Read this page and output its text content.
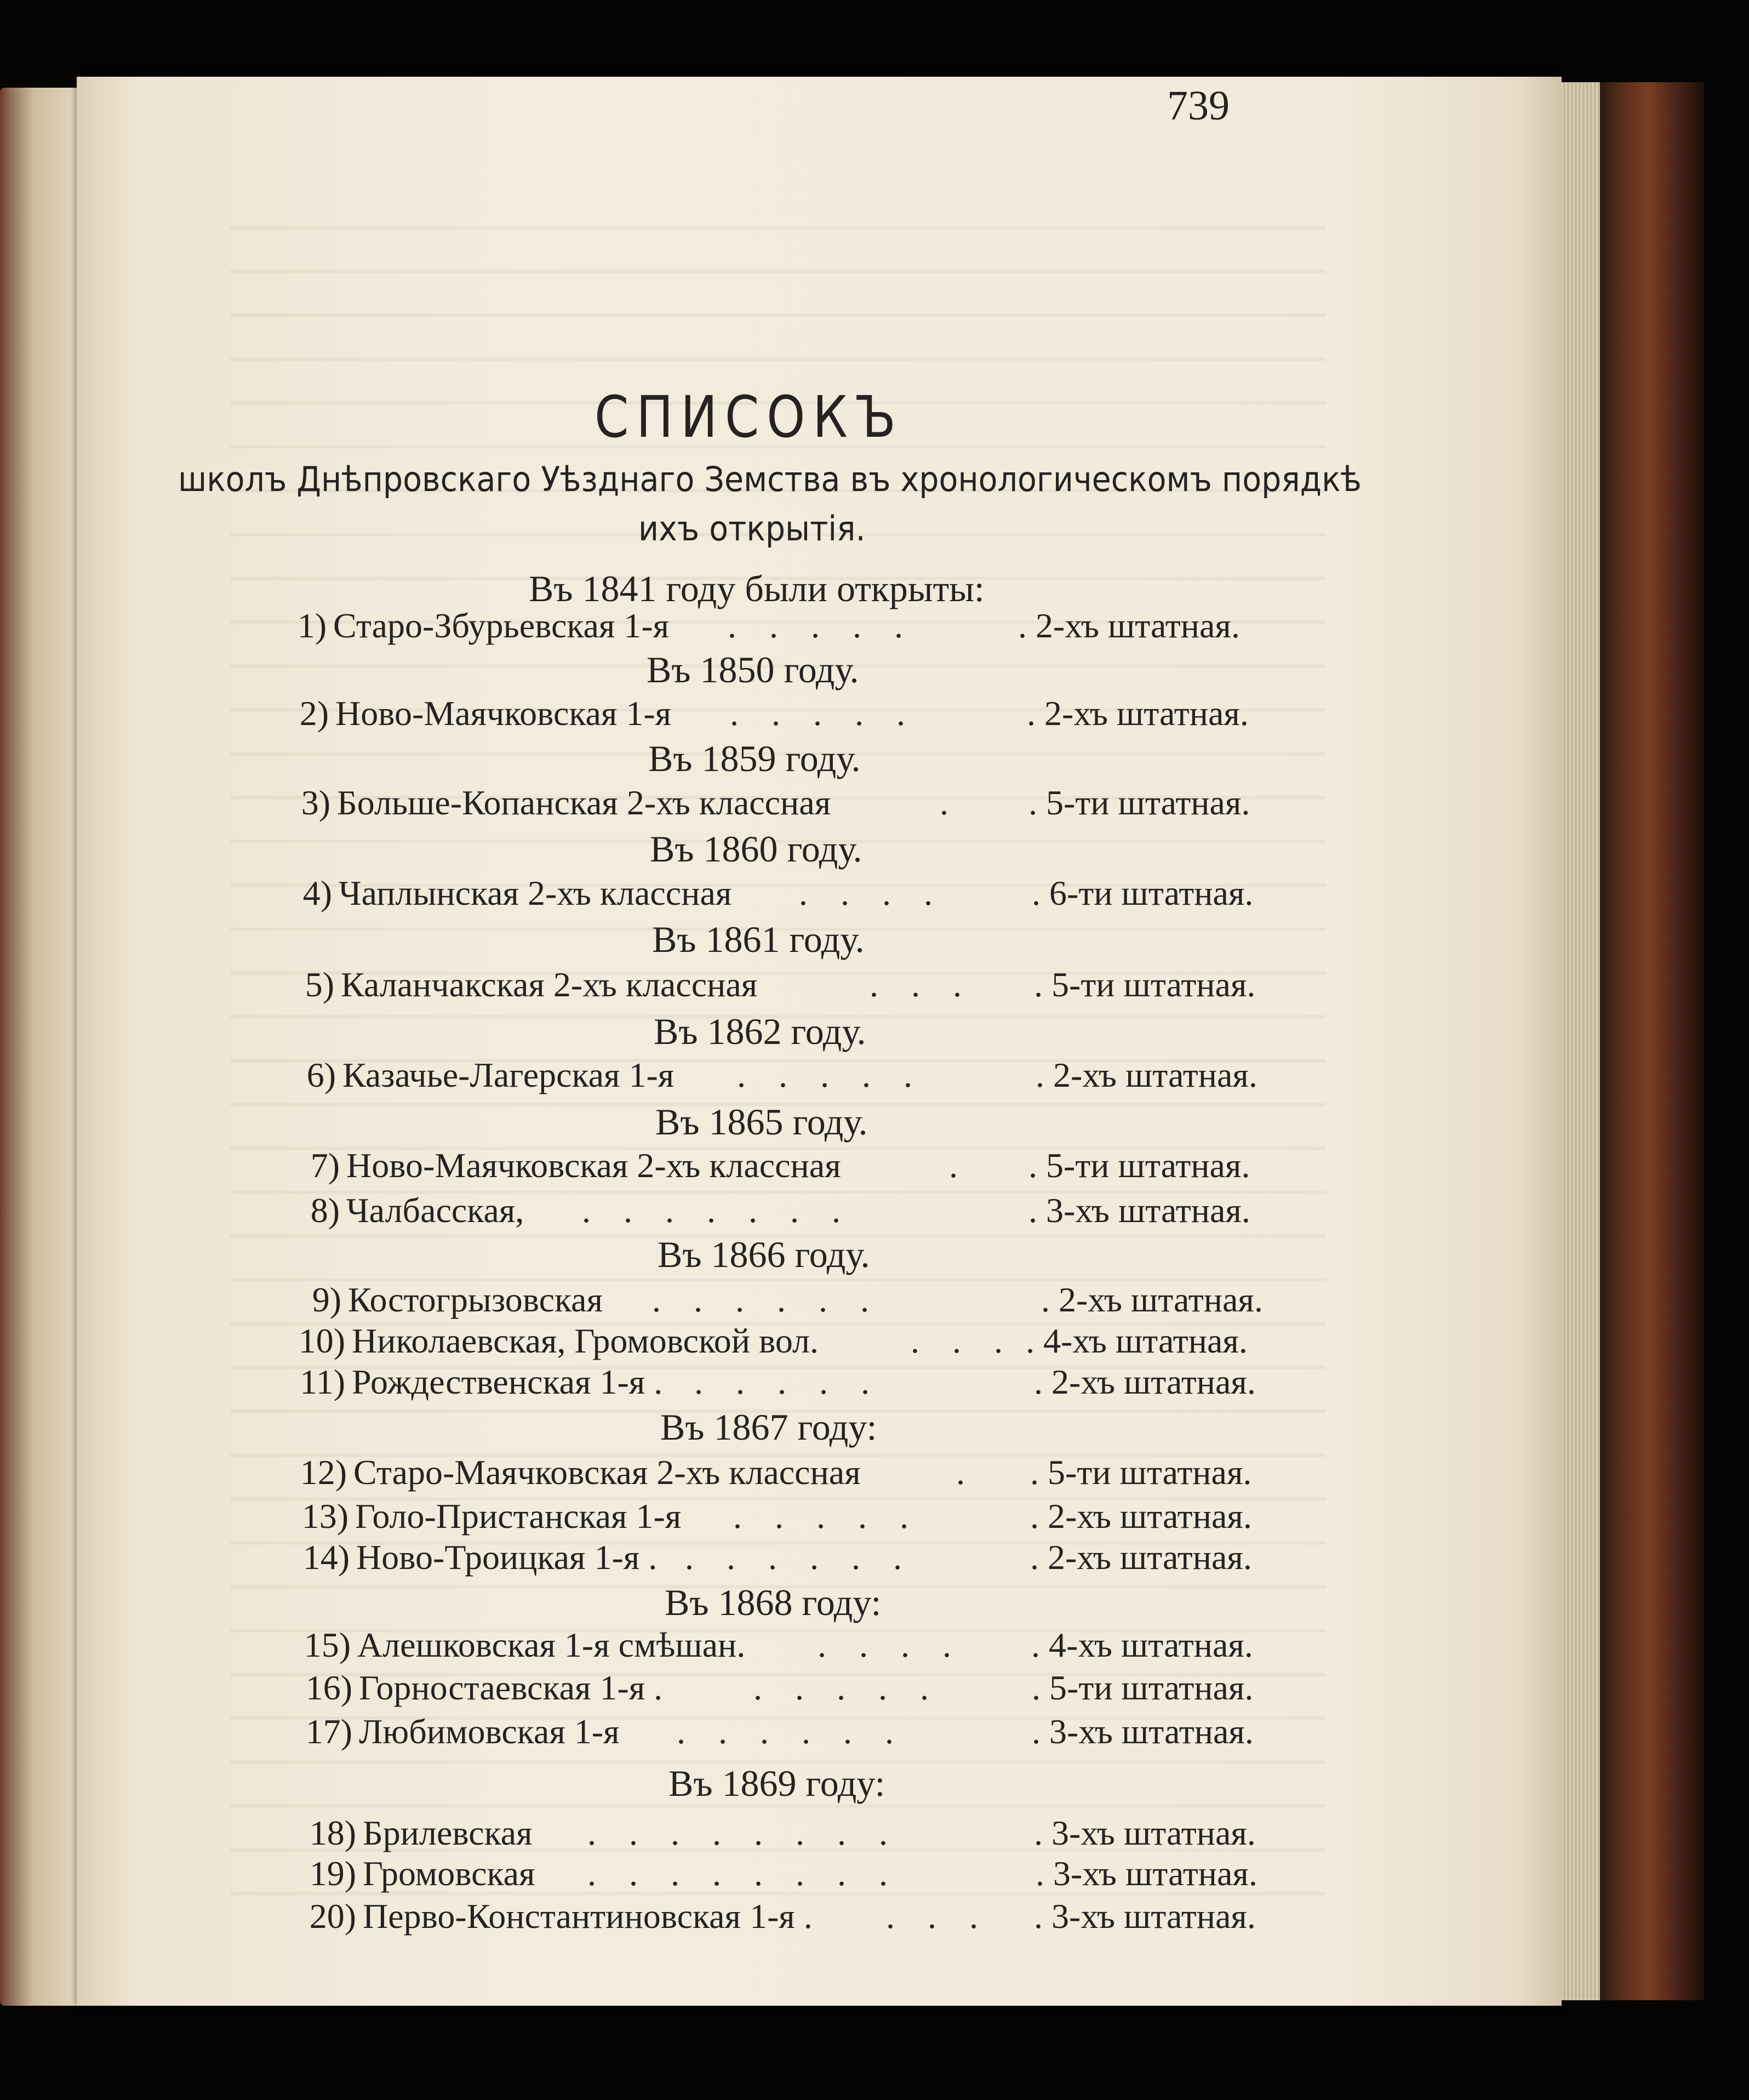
739
СПИСОКЪ
школъ Днѣпровскаго Уѣзднаго Земства въ хронологическомъ порядкѣ
ихъ открытія.
Въ 1841 году были открыты:
1) Старо-Збурьевская 1-я . . . . .	. 2-хъ штатная.
Въ 1850 году.
2) Ново-Маячковская 1-я . . . . .	. 2-хъ штатная.
Въ 1859 году.
3) Больше-Копанская 2-хъ классная	. . 5-ти штатная.
Въ 1860 году.
4) Чаплынская 2-хъ классная . . . . . 6-ти штатная.
Въ 1861 году.
5) Каланчакская 2-хъ классная	. . . . 5-ти штатная.
Въ 1862 году.
6) Казачье-Лагерская 1-я . . . . .	. 2-хъ штатная.
Въ 1865 году.
7) Ново-Маячковская 2-хъ классная	. . 5-ти штатная.
8) Чалбасская, . . . . . . .	. 3-хъ штатная.
Въ 1866 году.
9) Костогрызовская . . . . . .	. 2-хъ штатная.
10) Николаевская, Громовской вол.	. . . . 4-хъ штатная.
11) Рождественская 1-я . . . . . .	. 2-хъ штатная.
Въ 1867 году:
12) Старо-Маячковская 2-хъ классная	. . 5-ти штатная.
13) Голо-Пристанская 1-я . . . . .	. 2-хъ штатная.
14) Ново-Троицкая 1-я . . . . . . .	. 2-хъ штатная.
Въ 1868 году:
15) Алешковская 1-я смѣшан. . . . . . 4-хъ штатная.
16) Горностаевская 1-я .	. . . . .	. 5-ти штатная.
17) Любимовская 1-я . . . . . .	. 3-хъ штатная.
Въ 1869 году:
18) Брилевская . . . . . . . .	. 3-хъ штатная.
19) Громовская . . . . . . . .	. 3-хъ штатная.
20) Перво-Константиновская 1-я . . . . . 3-хъ штатная.
